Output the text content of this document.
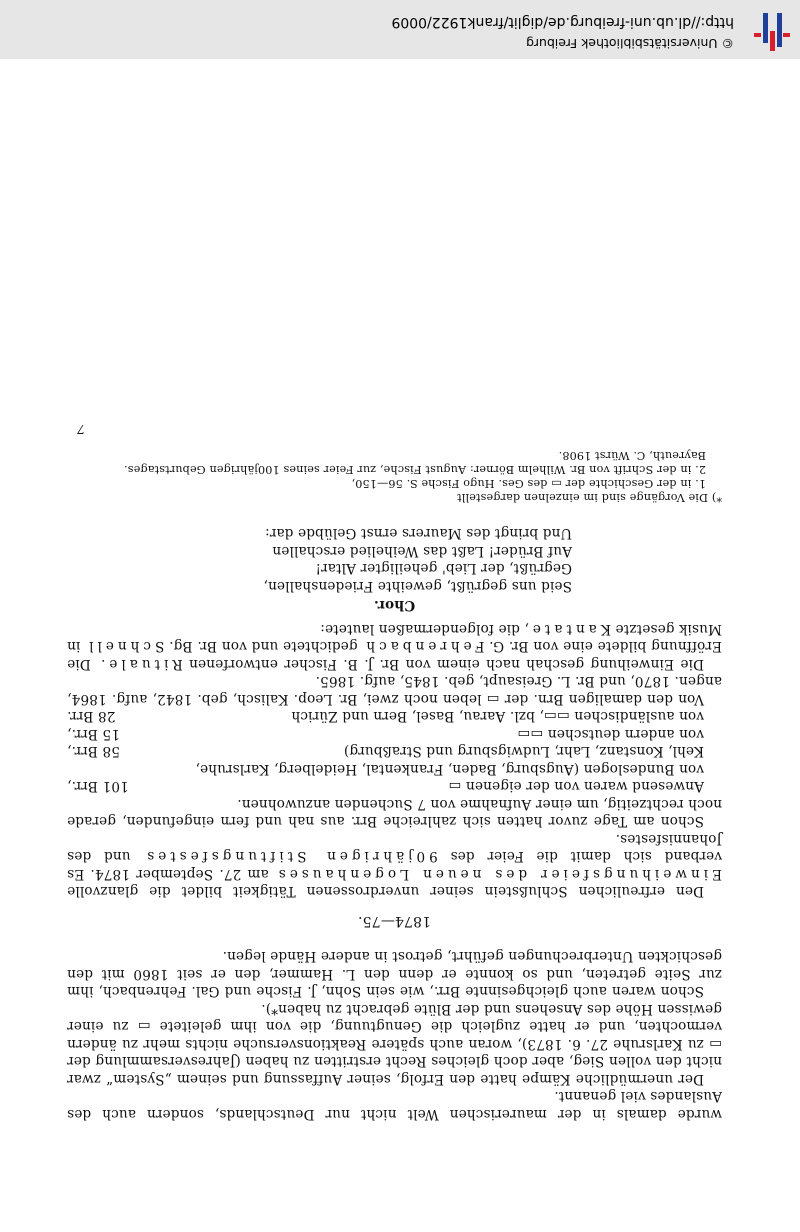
wurde damals in der maurerischen Welt nicht nur Deutschlands, sondern auch des Auslandes viel genannt.

Der unermüdliche Kämpe hatte den Erfolg, seiner Auffassung und seinem „System“ zwar nicht den vollen Sieg, aber doch gleiches Recht erstritten zu haben (Jahresversammlung der ▭ zu Karlsruhe 27. 6. 1873), woran auch spätere Reaktionsversuche nichts mehr zu ändern vermochten, und er hatte zugleich die Genugtuung, die von ihm geleitete ▭ zu einer gewissen Höhe des Ansehens und der Blüte gebracht zu haben*).

Schon waren auch gleichgesinnte Brr., wie sein Sohn, J. Fische und Gal. Fehrenbach, ihm zur Seite getreten, und so konnte er denn den L. Hammer, den er seit 1860 mit den geschickten Unterbrechungen geführt, getrost in andere Hände legen.

1874—75.

Den erfreulichen Schlußstein seiner unverdrossenen Tätigkeit bildet die glanzvolle Einweihungsfeier des neuen Logenhauses am 27. September 1874. Es verband sich damit die Feier des 90jährigen Stiftungsfestes und des Johannisfestes.

Schon am Tage zuvor hatten sich zahlreiche Brr. aus nah und fern eingefunden, gerade noch rechtzeitig, um einer Aufnahme von 7 Suchenden anzuwohnen.

Anwesend waren von der eigenen ▭
101 Brr.,
von Bundeslogen (Augsburg, Baden, Frankental, Heidelberg, Karlsruhe, Kehl, Konstanz, Lahr, Ludwigsburg und Straßburg)
58 Brr.,
von andern deutschen ▭▭
15 Brr.,
von ausländischen ▭▭, bzl. Aarau, Basel, Bern und Zürich
28 Brr.

Von den damaligen Brn. der ▭ leben noch zwei, Br. Leop. Kalisch, geb. 1842, aufg. 1864, angen. 1870, und Br. L. Greisaupt, geb. 1845, aufg. 1865.

Die Einweihung geschah nach einem von Br. J. B. Fischer entworfenen Rituale. Die Eröffnung bildete eine von Br. G. Fehrenbach gedichtete und von Br. Bg. Schnell in Musik gesetzte Kantate, die folgendermaßen lautete:

Chor.
Seid uns gegrüßt, geweihte Friedenshallen,
Gegrüßt, der Lieb' geheiligter Altar!
Auf Brüder! Laßt das Weihelied erschallen
Und bringt des Maurers ernst Gelübde dar:
*) Die Vorgänge sind im einzelnen dargestellt
1. in der Geschichte der ▭ des Ges. Hugo Fische S. 56—150,
2. in der Schrift von Br. Wilhelm Börner: August Fische, zur Feier seines 100jährigen Geburtstages. Bayreuth, C. Würst 1908.
7
© Universitätsbibliothek Freiburg
http://dl.ub.uni-freiburg.de/diglit/frank1922/0009
